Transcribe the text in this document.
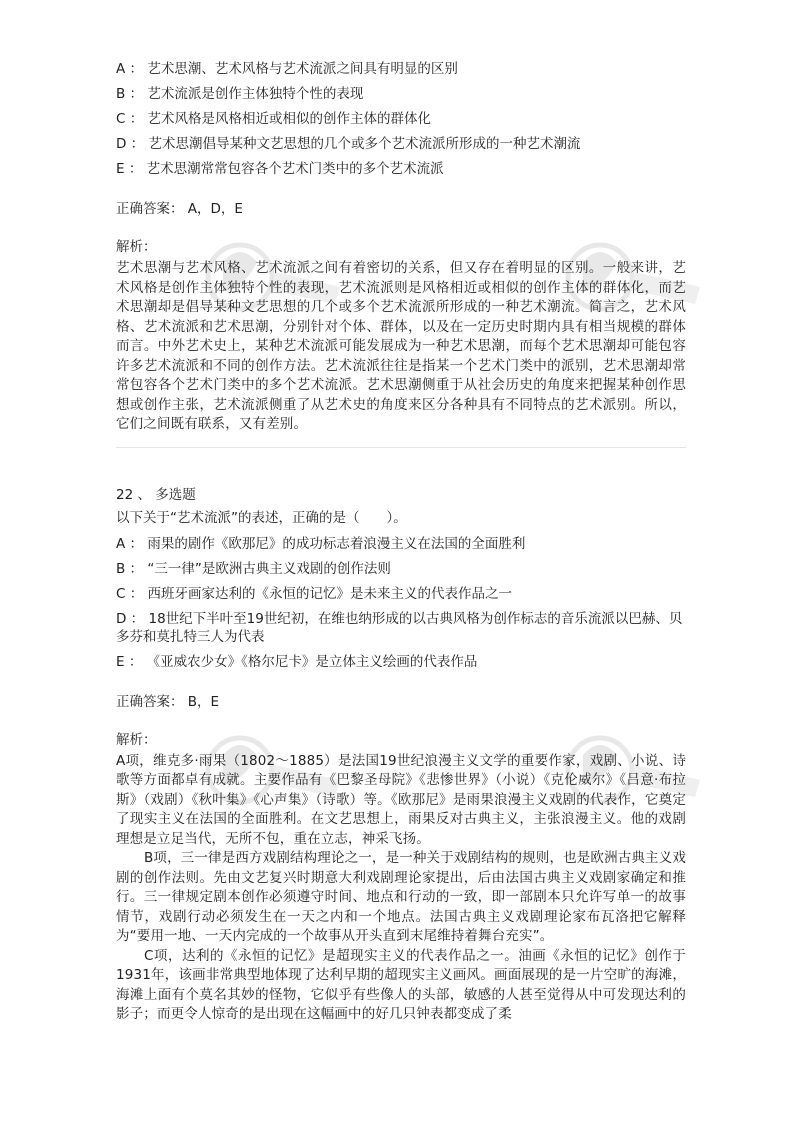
A ： 艺术思潮、艺术风格与艺术流派之间具有明显的区别
B ： 艺术流派是创作主体独特个性的表现
C ： 艺术风格是风格相近或相似的创作主体的群体化
D ： 艺术思潮倡导某种文艺思想的几个或多个艺术流派所形成的一种艺术潮流
E ： 艺术思潮常常包容各个艺术门类中的多个艺术流派
正确答案： A，D，E
解析：
艺术思潮与艺术风格、艺术流派之间有着密切的关系，但又存在着明显的区别。一般来讲，艺术风格是创作主体独特个性的表现，艺术流派则是风格相近或相似的创作主体的群体化，而艺术思潮却是倡导某种文艺思想的几个或多个艺术流派所形成的一种艺术潮流。简言之，艺术风格、艺术流派和艺术思潮，分别针对个体、群体，以及在一定历史时期内具有相当规模的群体而言。中外艺术史上，某种艺术流派可能发展成为一种艺术思潮，而每个艺术思潮却可能包容许多艺术流派和不同的创作方法。艺术流派往往是指某一个艺术门类中的派别，艺术思潮却常常包容各个艺术门类中的多个艺术流派。艺术思潮侧重于从社会历史的角度来把握某种创作思想或创作主张，艺术流派侧重了从艺术史的角度来区分各种具有不同特点的艺术派别。所以，它们之间既有联系，又有差别。
22 、 多选题
以下关于“艺术流派”的表述，正确的是（　　）。
A ： 雨果的剧作《欧那尼》的成功标志着浪漫主义在法国的全面胜利
B ： “三一律”是欧洲古典主义戏剧的创作法则
C ： 西班牙画家达利的《永恒的记忆》是未来主义的代表作品之一
D ： 18世纪下半叶至19世纪初，在维也纳形成的以古典风格为创作标志的音乐流派以巴赫、贝多芬和莫扎特三人为代表
E ： 《亚威农少女》《格尔尼卡》是立体主义绘画的代表作品
正确答案： B，E
解析：
A项，维克多·雨果（1802～1885）是法国19世纪浪漫主义文学的重要作家，戏剧、小说、诗歌等方面都卓有成就。主要作品有《巴黎圣母院》《悲惨世界》（小说）《克伦威尔》《吕意·布拉斯》（戏剧）《秋叶集》《心声集》（诗歌）等。《欧那尼》是雨果浪漫主义戏剧的代表作，它奠定了现实主义在法国的全面胜利。在文艺思想上，雨果反对古典主义，主张浪漫主义。他的戏剧理想是立足当代，无所不包，重在立志，神采飞扬。
B项，三一律是西方戏剧结构理论之一，是一种关于戏剧结构的规则，也是欧洲古典主义戏剧的创作法则。先由文艺复兴时期意大利戏剧理论家提出，后由法国古典主义戏剧家确定和推行。三一律规定剧本创作必须遵守时间、地点和行动的一致，即一部剧本只允许写单一的故事情节，戏剧行动必须发生在一天之内和一个地点。法国古典主义戏剧理论家布瓦洛把它解释为“要用一地、一天内完成的一个故事从开头直到末尾维持着舞台充实”。
C项，达利的《永恒的记忆》是超现实主义的代表作品之一。油画《永恒的记忆》创作于1931年，该画非常典型地体现了达利早期的超现实主义画风。画面展现的是一片空旷的海滩，海滩上面有个莫名其妙的怪物，它似乎有些像人的头部，敏感的人甚至觉得从中可发现达利的影子；而更令人惊奇的是出现在这幅画中的好几只钟表都变成了柔
